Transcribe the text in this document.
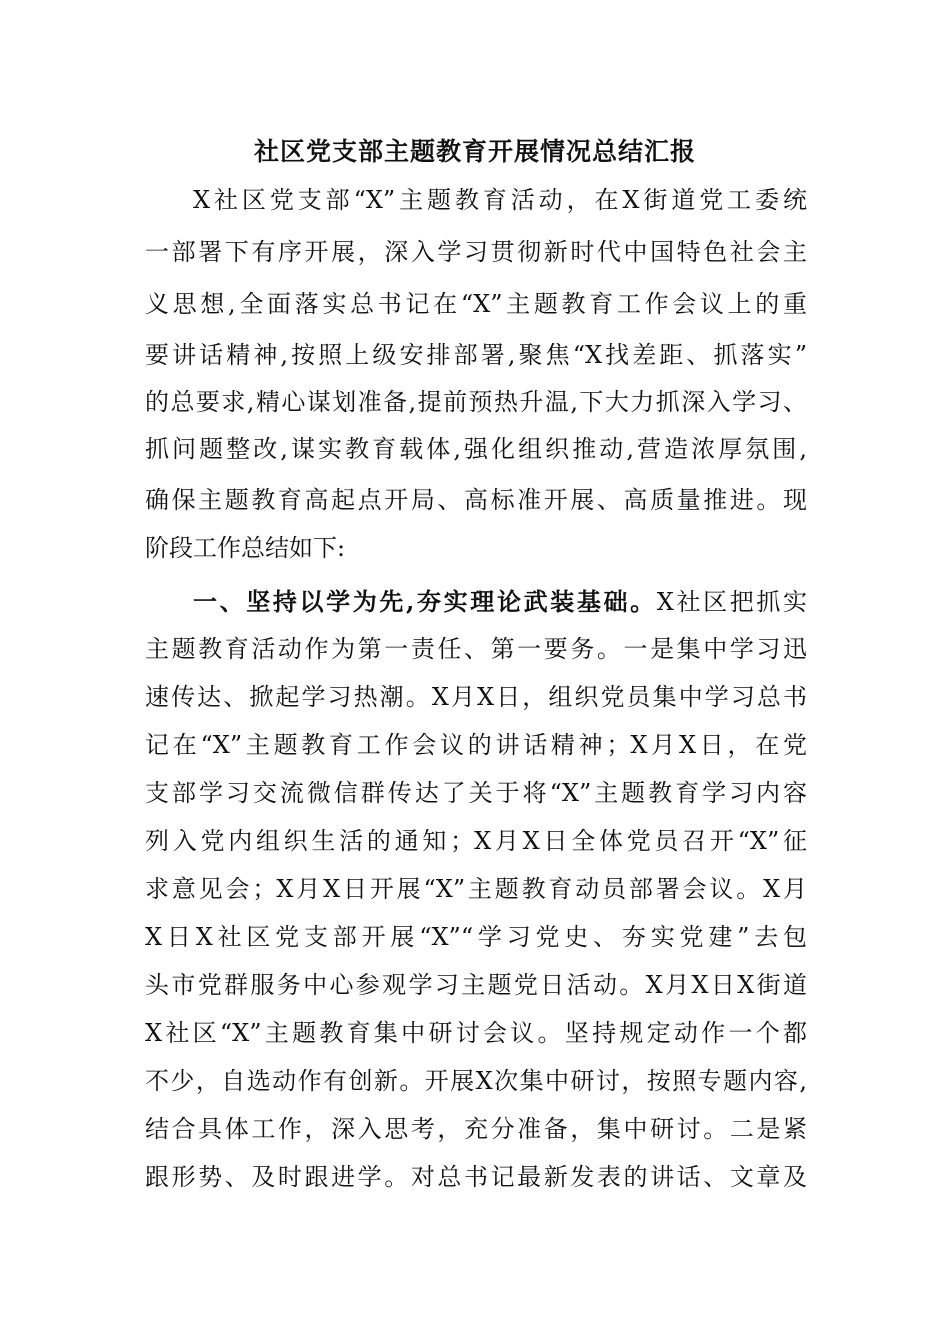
社区党支部主题教育开展情况总结汇报
X社区党支部“X”主题教育活动，在X街道党工委统
一部署下有序开展，深入学习贯彻新时代中国特色社会主
义思想,全面落实总书记在“X”主题教育工作会议上的重
要讲话精神,按照上级安排部署,聚焦“X找差距、抓落实”
的总要求,精心谋划准备,提前预热升温,下大力抓深入学习、
抓问题整改,谋实教育载体,强化组织推动,营造浓厚氛围,
确保主题教育高起点开局、高标准开展、高质量推进。现
阶段工作总结如下:
一、坚持以学为先,夯实理论武装基础。X社区把抓实
主题教育活动作为第一责任、第一要务。一是集中学习迅
速传达、掀起学习热潮。X月X日，组织党员集中学习总书
记在“X”主题教育工作会议的讲话精神；X月X日，在党
支部学习交流微信群传达了关于将“X”主题教育学习内容
列入党内组织生活的通知；X月X日全体党员召开“X”征
求意见会；X月X日开展“X”主题教育动员部署会议。X月
X日X社区党支部开展“X”“学习党史、夯实党建”去包
头市党群服务中心参观学习主题党日活动。X月X日X街道
X社区“X”主题教育集中研讨会议。坚持规定动作一个都
不少，自选动作有创新。开展X次集中研讨，按照专题内容,
结合具体工作，深入思考，充分准备，集中研讨。二是紧
跟形势、及时跟进学。对总书记最新发表的讲话、文章及
